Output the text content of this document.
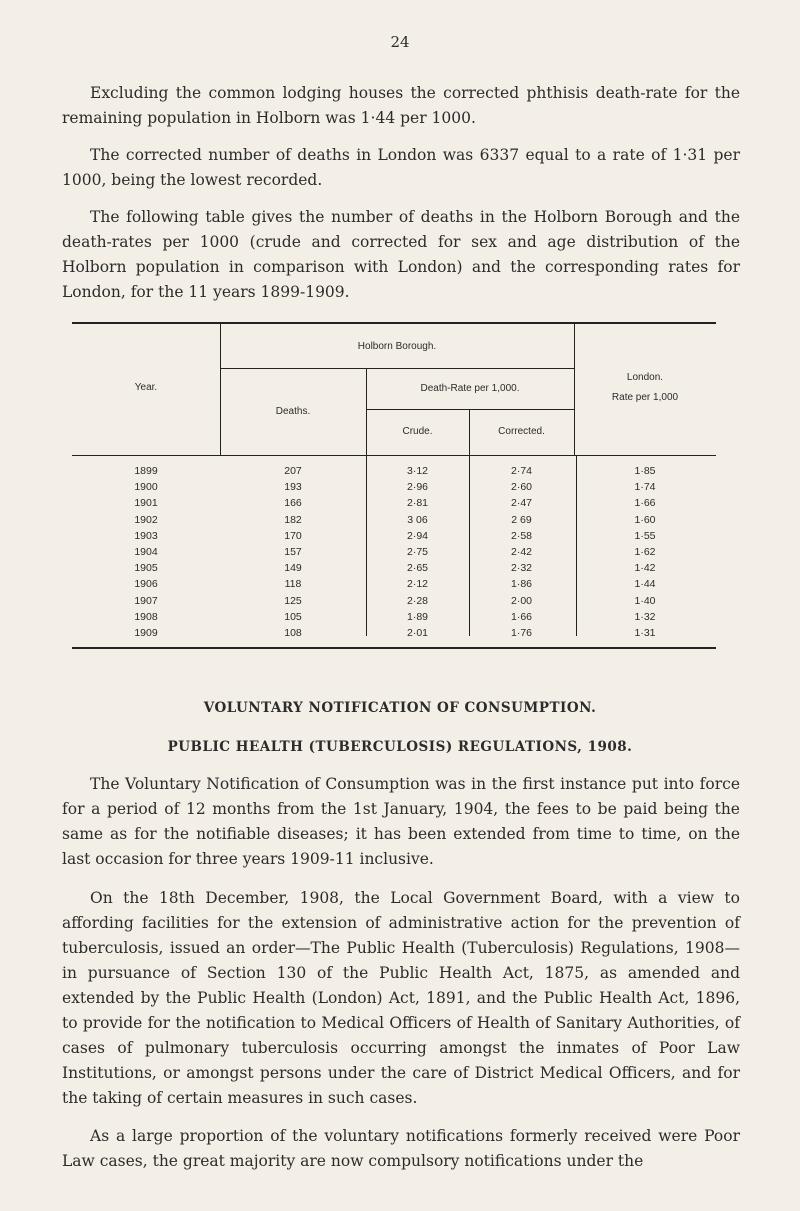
24

Excluding the common lodging houses the corrected phthisis death-rate for the remaining population in Holborn was 1·44 per 1000.

The corrected number of deaths in London was 6337 equal to a rate of 1·31 per 1000, being the lowest recorded.

The following table gives the number of deaths in the Holborn Borough and the death-rates per 1000 (crude and corrected for sex and age distribution of the Holborn population in comparison with London) and the corresponding rates for London, for the 11 years 1899-1909.

Year.
Holborn Borough.
Deaths.
Death-Rate per 1,000.
Crude.	Corrected.
London.
Rate per 1,000
1899	207	3·12	2·74	1·85
1900	193	2·96	2·60	1·74
1901	166	2·81	2·47	1·66
1902	182	3 06	2 69	1·60
1903	170	2·94	2·58	1·55
1904	157	2·75	2·42	1·62
1905	149	2·65	2·32	1·42
1906	118	2·12	1·86	1·44
1907	125	2·28	2·00	1·40
1908	105	1·89	1·66	1·32
1909	108	2·01	1·76	1·31
VOLUNTARY NOTIFICATION OF CONSUMPTION.
PUBLIC HEALTH (TUBERCULOSIS) REGULATIONS, 1908.

The Voluntary Notification of Consumption was in the first instance put into force for a period of 12 months from the 1st January, 1904, the fees to be paid being the same as for the notifiable diseases; it has been extended from time to time, on the last occasion for three years 1909-11 inclusive.

On the 18th December, 1908, the Local Government Board, with a view to affording facilities for the extension of administrative action for the prevention of tuberculosis, issued an order—The Public Health (Tuberculosis) Regulations, 1908—in pursuance of Section 130 of the Public Health Act, 1875, as amended and extended by the Public Health (London) Act, 1891, and the Public Health Act, 1896, to provide for the notification to Medical Officers of Health of Sanitary Authorities, of cases of pulmonary tuberculosis occurring amongst the inmates of Poor Law Institutions, or amongst persons under the care of District Medical Officers, and for the taking of certain measures in such cases.

As a large proportion of the voluntary notifications formerly received were Poor Law cases, the great majority are now compulsory notifications under the
